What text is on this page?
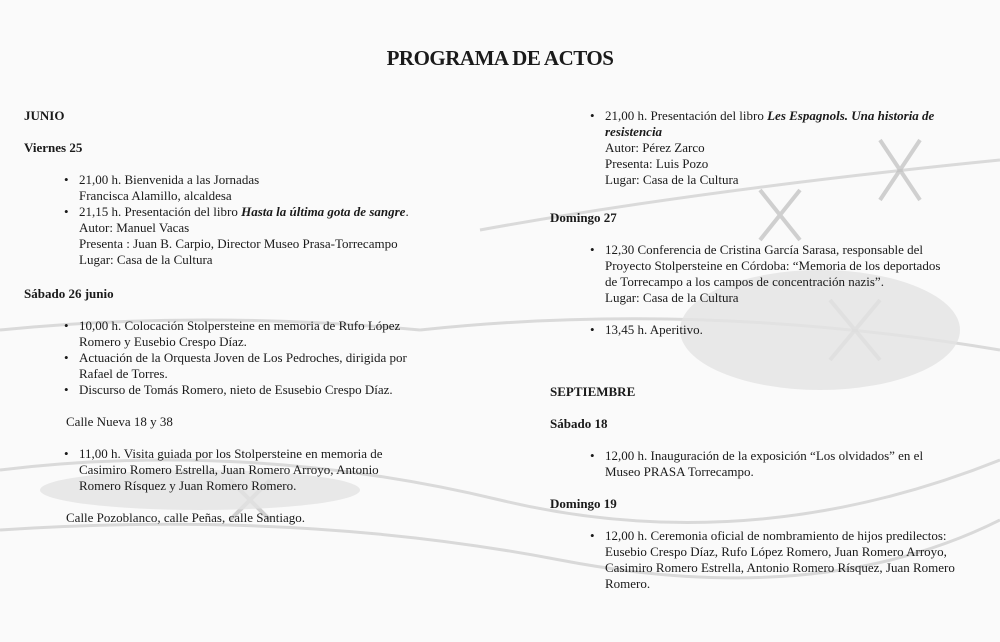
PROGRAMA DE ACTOS

JUNIO

Viernes 25

• 21,00 h. Bienvenida a las Jornadas
Francisca Alamillo, alcaldesa
• 21,15 h. Presentación del libro Hasta la última gota de sangre.
Autor: Manuel Vacas
Presenta : Juan B. Carpio, Director Museo Prasa-Torrecampo
Lugar: Casa de la Cultura

Sábado 26 junio

• 10,00 h. Colocación Stolpersteine en memoria de Rufo López
Romero y Eusebio Crespo Díaz.
• Actuación de la Orquesta Joven de Los Pedroches, dirigida por
Rafael de Torres.
• Discurso de Tomás Romero, nieto de Esusebio Crespo Díaz.

Calle Nueva 18 y 38

• 11,00 h. Visita guiada por los Stolpersteine en memoria de
Casimiro Romero Estrella, Juan Romero Arroyo, Antonio
Romero Rísquez y Juan Romero Romero.

Calle Pozoblanco, calle Peñas, calle Santiago.

• 21,00 h. Presentación del libro Les Espagnols. Una historia de
resistencia
Autor: Pérez Zarco
Presenta: Luis Pozo
Lugar: Casa de la Cultura

Domingo 27

• 12,30 Conferencia de Cristina García Sarasa, responsable del
Proyecto Stolpersteine en Córdoba: “Memoria de los deportados
de Torrecampo a los campos de concentración nazis”.
Lugar: Casa de la Cultura
• 13,45 h. Aperitivo.

SEPTIEMBRE

Sábado 18

• 12,00 h. Inauguración de la exposición “Los olvidados” en el
Museo PRASA Torrecampo.

Domingo 19

• 12,00 h. Ceremonia oficial de nombramiento de hijos predilectos:
Eusebio Crespo Díaz, Rufo López Romero, Juan Romero Arroyo,
Casimiro Romero Estrella, Antonio Romero Rísquez, Juan Romero
Romero.
